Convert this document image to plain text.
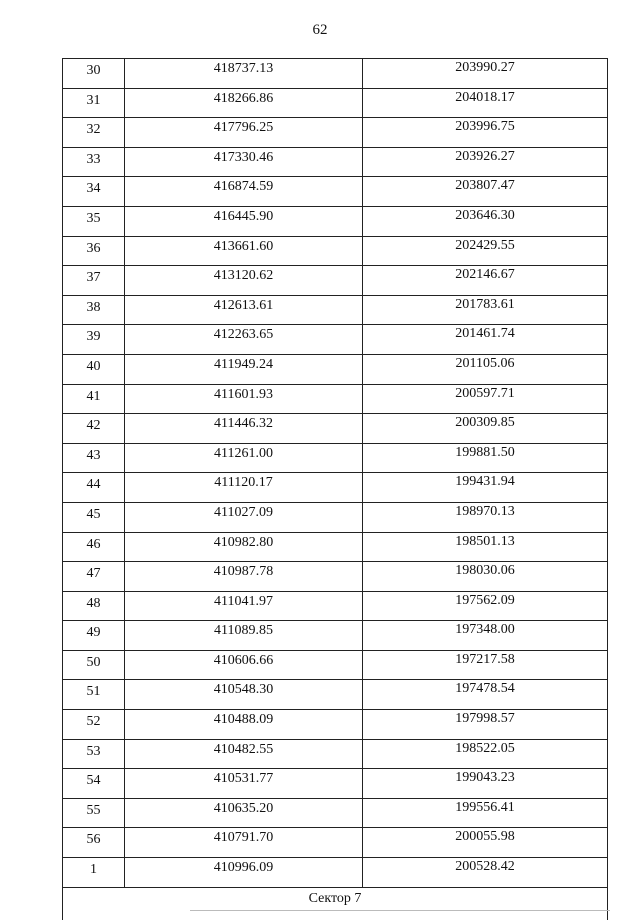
62
30	418737.13	203990.27
31	418266.86	204018.17
32	417796.25	203996.75
33	417330.46	203926.27
34	416874.59	203807.47
35	416445.90	203646.30
36	413661.60	202429.55
37	413120.62	202146.67
38	412613.61	201783.61
39	412263.65	201461.74
40	411949.24	201105.06
41	411601.93	200597.71
42	411446.32	200309.85
43	411261.00	199881.50
44	411120.17	199431.94
45	411027.09	198970.13
46	410982.80	198501.13
47	410987.78	198030.06
48	411041.97	197562.09
49	411089.85	197348.00
50	410606.66	197217.58
51	410548.30	197478.54
52	410488.09	197998.57
53	410482.55	198522.05
54	410531.77	199043.23
55	410635.20	199556.41
56	410791.70	200055.98
1	410996.09	200528.42
Сектор 7		
